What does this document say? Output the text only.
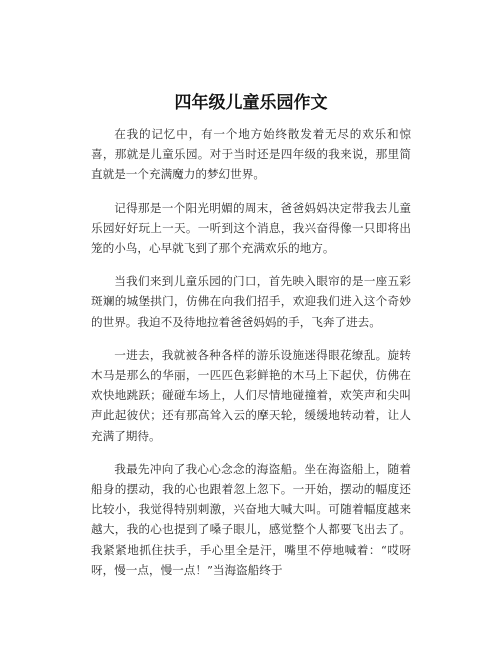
四年级儿童乐园作文

在我的记忆中，有一个地方始终散发着无尽的欢乐和惊喜，那就是儿童乐园。对于当时还是四年级的我来说，那里简直就是一个充满魔力的梦幻世界。

记得那是一个阳光明媚的周末，爸爸妈妈决定带我去儿童乐园好好玩上一天。一听到这个消息，我兴奋得像一只即将出笼的小鸟，心早就飞到了那个充满欢乐的地方。

当我们来到儿童乐园的门口，首先映入眼帘的是一座五彩斑斓的城堡拱门，仿佛在向我们招手，欢迎我们进入这个奇妙的世界。我迫不及待地拉着爸爸妈妈的手，飞奔了进去。

一进去，我就被各种各样的游乐设施迷得眼花缭乱。旋转木马是那么的华丽，一匹匹色彩鲜艳的木马上下起伏，仿佛在欢快地跳跃；碰碰车场上，人们尽情地碰撞着，欢笑声和尖叫声此起彼伏；还有那高耸入云的摩天轮，缓缓地转动着，让人充满了期待。

我最先冲向了我心心念念的海盗船。坐在海盗船上，随着船身的摆动，我的心也跟着忽上忽下。一开始，摆动的幅度还比较小，我觉得特别刺激，兴奋地大喊大叫。可随着幅度越来越大，我的心也提到了嗓子眼儿，感觉整个人都要飞出去了。我紧紧地抓住扶手，手心里全是汗，嘴里不停地喊着：“哎呀呀，慢一点，慢一点！”当海盗船终于
